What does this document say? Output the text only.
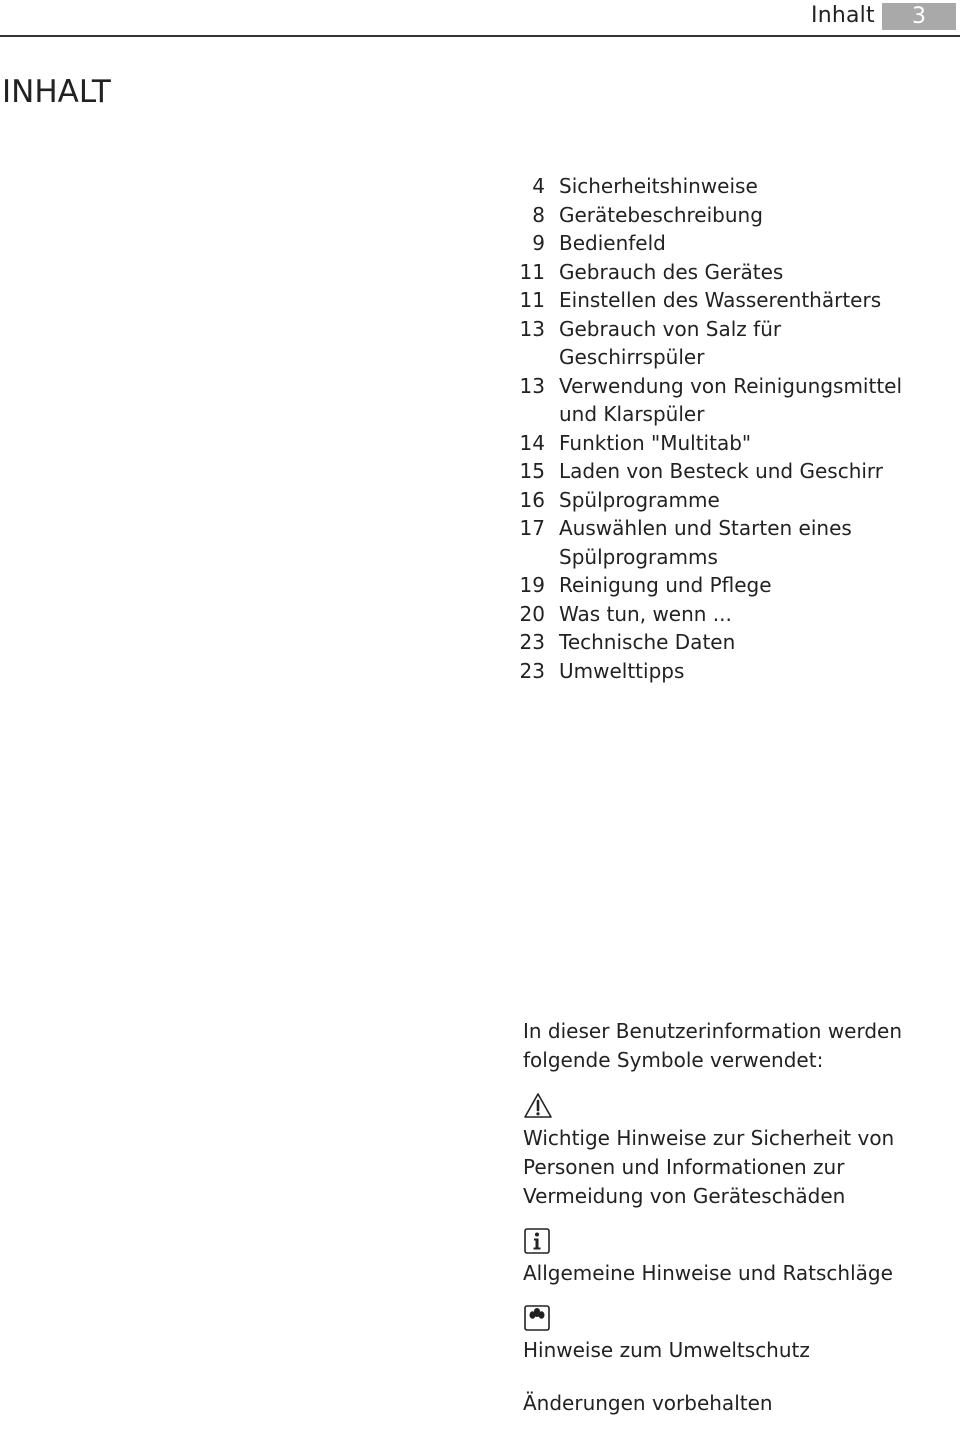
Inhalt	3
INHALT
4 Sicherheitshinweise
8 Gerätebeschreibung
9 Bedienfeld
11 Gebrauch des Gerätes
11 Einstellen des Wasserenthärters
13 Gebrauch von Salz für Geschirrspüler
13 Verwendung von Reinigungsmittel und Klarspüler
14 Funktion "Multitab"
15 Laden von Besteck und Geschirr
16 Spülprogramme
17 Auswählen und Starten eines Spülprogramms
19 Reinigung und Pflege
20 Was tun, wenn ...
23 Technische Daten
23 Umwelttipps

In dieser Benutzerinformation werden folgende Symbole verwendet:

Wichtige Hinweise zur Sicherheit von Personen und Informationen zur Vermeidung von Geräteschäden

Allgemeine Hinweise und Ratschläge

Hinweise zum Umweltschutz

Änderungen vorbehalten
